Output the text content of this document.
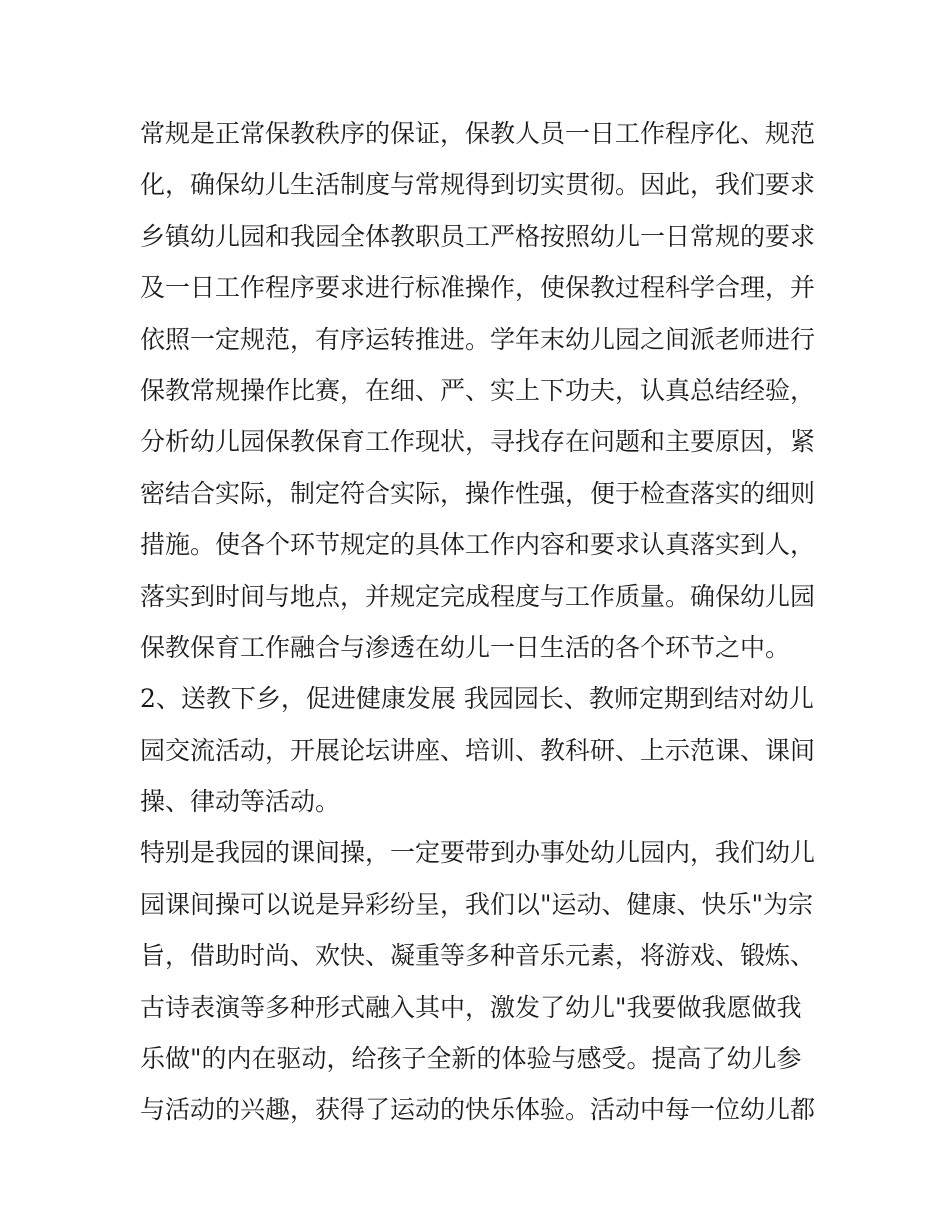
常规是正常保教秩序的保证，保教人员一日工作程序化、规范
化，确保幼儿生活制度与常规得到切实贯彻。因此，我们要求
乡镇幼儿园和我园全体教职员工严格按照幼儿一日常规的要求
及一日工作程序要求进行标准操作，使保教过程科学合理，并
依照一定规范，有序运转推进。学年末幼儿园之间派老师进行
保教常规操作比赛，在细、严、实上下功夫，认真总结经验，
分析幼儿园保教保育工作现状，寻找存在问题和主要原因，紧
密结合实际，制定符合实际，操作性强，便于检查落实的细则
措施。使各个环节规定的具体工作内容和要求认真落实到人，
落实到时间与地点，并规定完成程度与工作质量。确保幼儿园
保教保育工作融合与渗透在幼儿一日生活的各个环节之中。
2、送教下乡，促进健康发展 我园园长、教师定期到结对幼儿
园交流活动，开展论坛讲座、培训、教科研、上示范课、课间
操、律动等活动。
特别是我园的课间操，一定要带到办事处幼儿园内，我们幼儿
园课间操可以说是异彩纷呈，我们以"运动、健康、快乐"为宗
旨，借助时尚、欢快、凝重等多种音乐元素，将游戏、锻炼、
古诗表演等多种形式融入其中，激发了幼儿"我要做我愿做我
乐做"的内在驱动，给孩子全新的体验与感受。提高了幼儿参
与活动的兴趣，获得了运动的快乐体验。活动中每一位幼儿都
